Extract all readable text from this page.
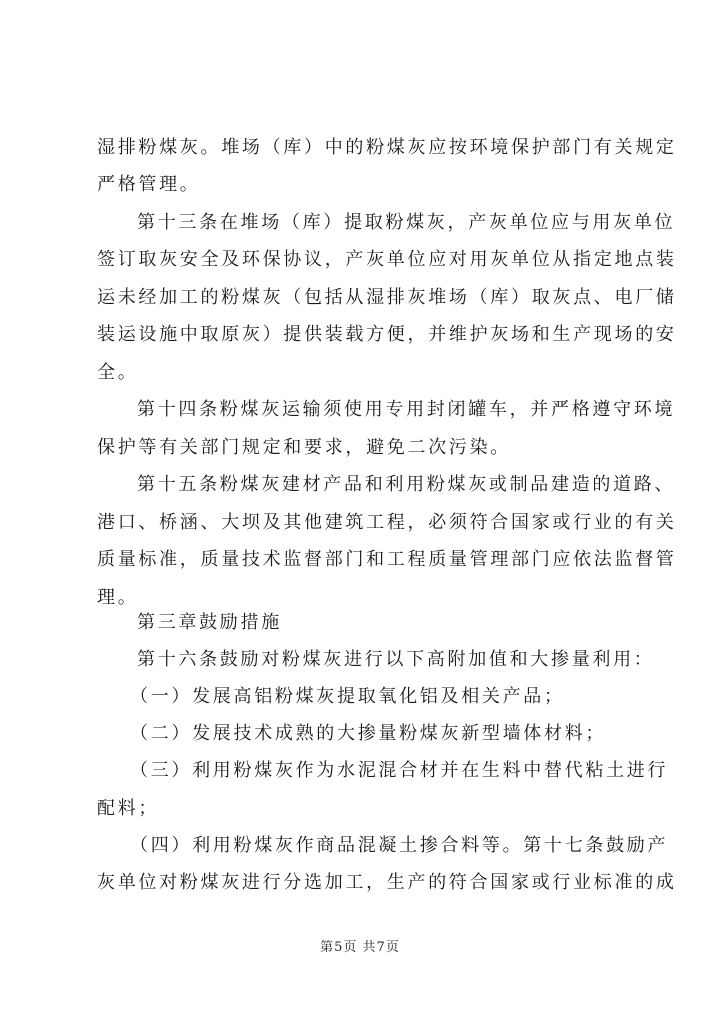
湿排粉煤灰。堆场（库）中的粉煤灰应按环境保护部门有关规定
严格管理。
第十三条在堆场（库）提取粉煤灰，产灰单位应与用灰单位
签订取灰安全及环保协议，产灰单位应对用灰单位从指定地点装
运未经加工的粉煤灰（包括从湿排灰堆场（库）取灰点、电厂储
装运设施中取原灰）提供装载方便，并维护灰场和生产现场的安
全。
第十四条粉煤灰运输须使用专用封闭罐车，并严格遵守环境
保护等有关部门规定和要求，避免二次污染。
第十五条粉煤灰建材产品和利用粉煤灰或制品建造的道路、
港口、桥涵、大坝及其他建筑工程，必须符合国家或行业的有关
质量标准，质量技术监督部门和工程质量管理部门应依法监督管
理。
第三章鼓励措施
第十六条鼓励对粉煤灰进行以下高附加值和大掺量利用：
（一）发展高铝粉煤灰提取氧化铝及相关产品；
（二）发展技术成熟的大掺量粉煤灰新型墙体材料；
（三）利用粉煤灰作为水泥混合材并在生料中替代粘土进行
配料；
（四）利用粉煤灰作商品混凝土掺合料等。第十七条鼓励产
灰单位对粉煤灰进行分选加工，生产的符合国家或行业标准的成
第5页 共7页
